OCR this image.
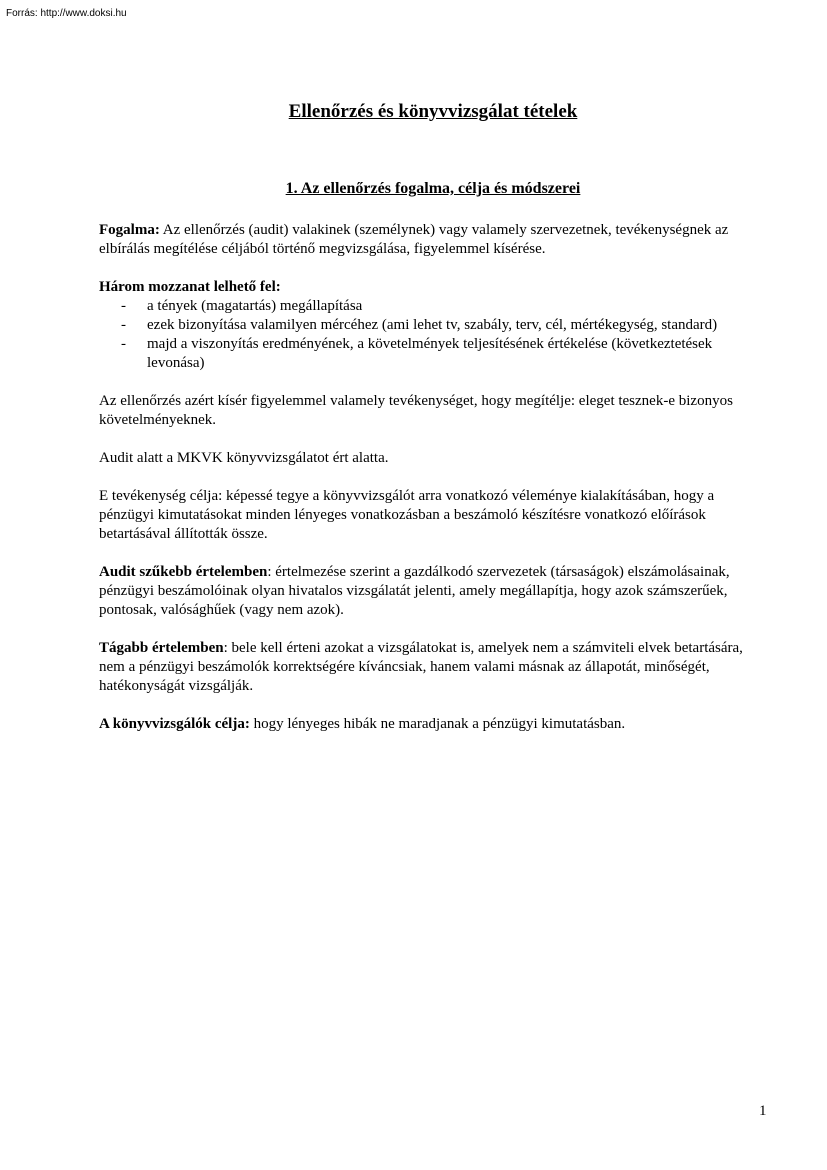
Forrás: http://www.doksi.hu
Ellenőrzés és könyvvizsgálat tételek
1. Az ellenőrzés fogalma, célja és módszerei

Fogalma: Az ellenőrzés (audit) valakinek (személynek) vagy valamely szervezetnek, tevékenységnek az elbírálás megítélése céljából történő megvizsgálása, figyelemmel kísérése.

Három mozzanat lelhető fel:

- a tények (magatartás) megállapítása
- ezek bizonyítása valamilyen mércéhez (ami lehet tv, szabály, terv, cél, mértékegység, standard)
- majd a viszonyítás eredményének, a követelmények teljesítésének értékelése (következtetések levonása)

Az ellenőrzés azért kísér figyelemmel valamely tevékenységet, hogy megítélje: eleget tesznek-e bizonyos követelményeknek.

Audit alatt a MKVK könyvvizsgálatot ért alatta.

E tevékenység célja: képessé tegye a könyvvizsgálót arra vonatkozó véleménye kialakításában, hogy a pénzügyi kimutatásokat minden lényeges vonatkozásban a beszámoló készítésre vonatkozó előírások betartásával állították össze.

Audit szűkebb értelemben: értelmezése szerint a gazdálkodó szervezetek (társaságok) elszámolásainak, pénzügyi beszámolóinak olyan hivatalos vizsgálatát jelenti, amely megállapítja, hogy azok számszerűek, pontosak, valósághűek (vagy nem azok).

Tágabb értelemben: bele kell érteni azokat a vizsgálatokat is, amelyek nem a számviteli elvek betartására, nem a pénzügyi beszámolók korrektségére kíváncsiak, hanem valami másnak az állapotát, minőségét, hatékonyságát vizsgálják.

A könyvvizsgálók célja: hogy lényeges hibák ne maradjanak a pénzügyi kimutatásban.

1
